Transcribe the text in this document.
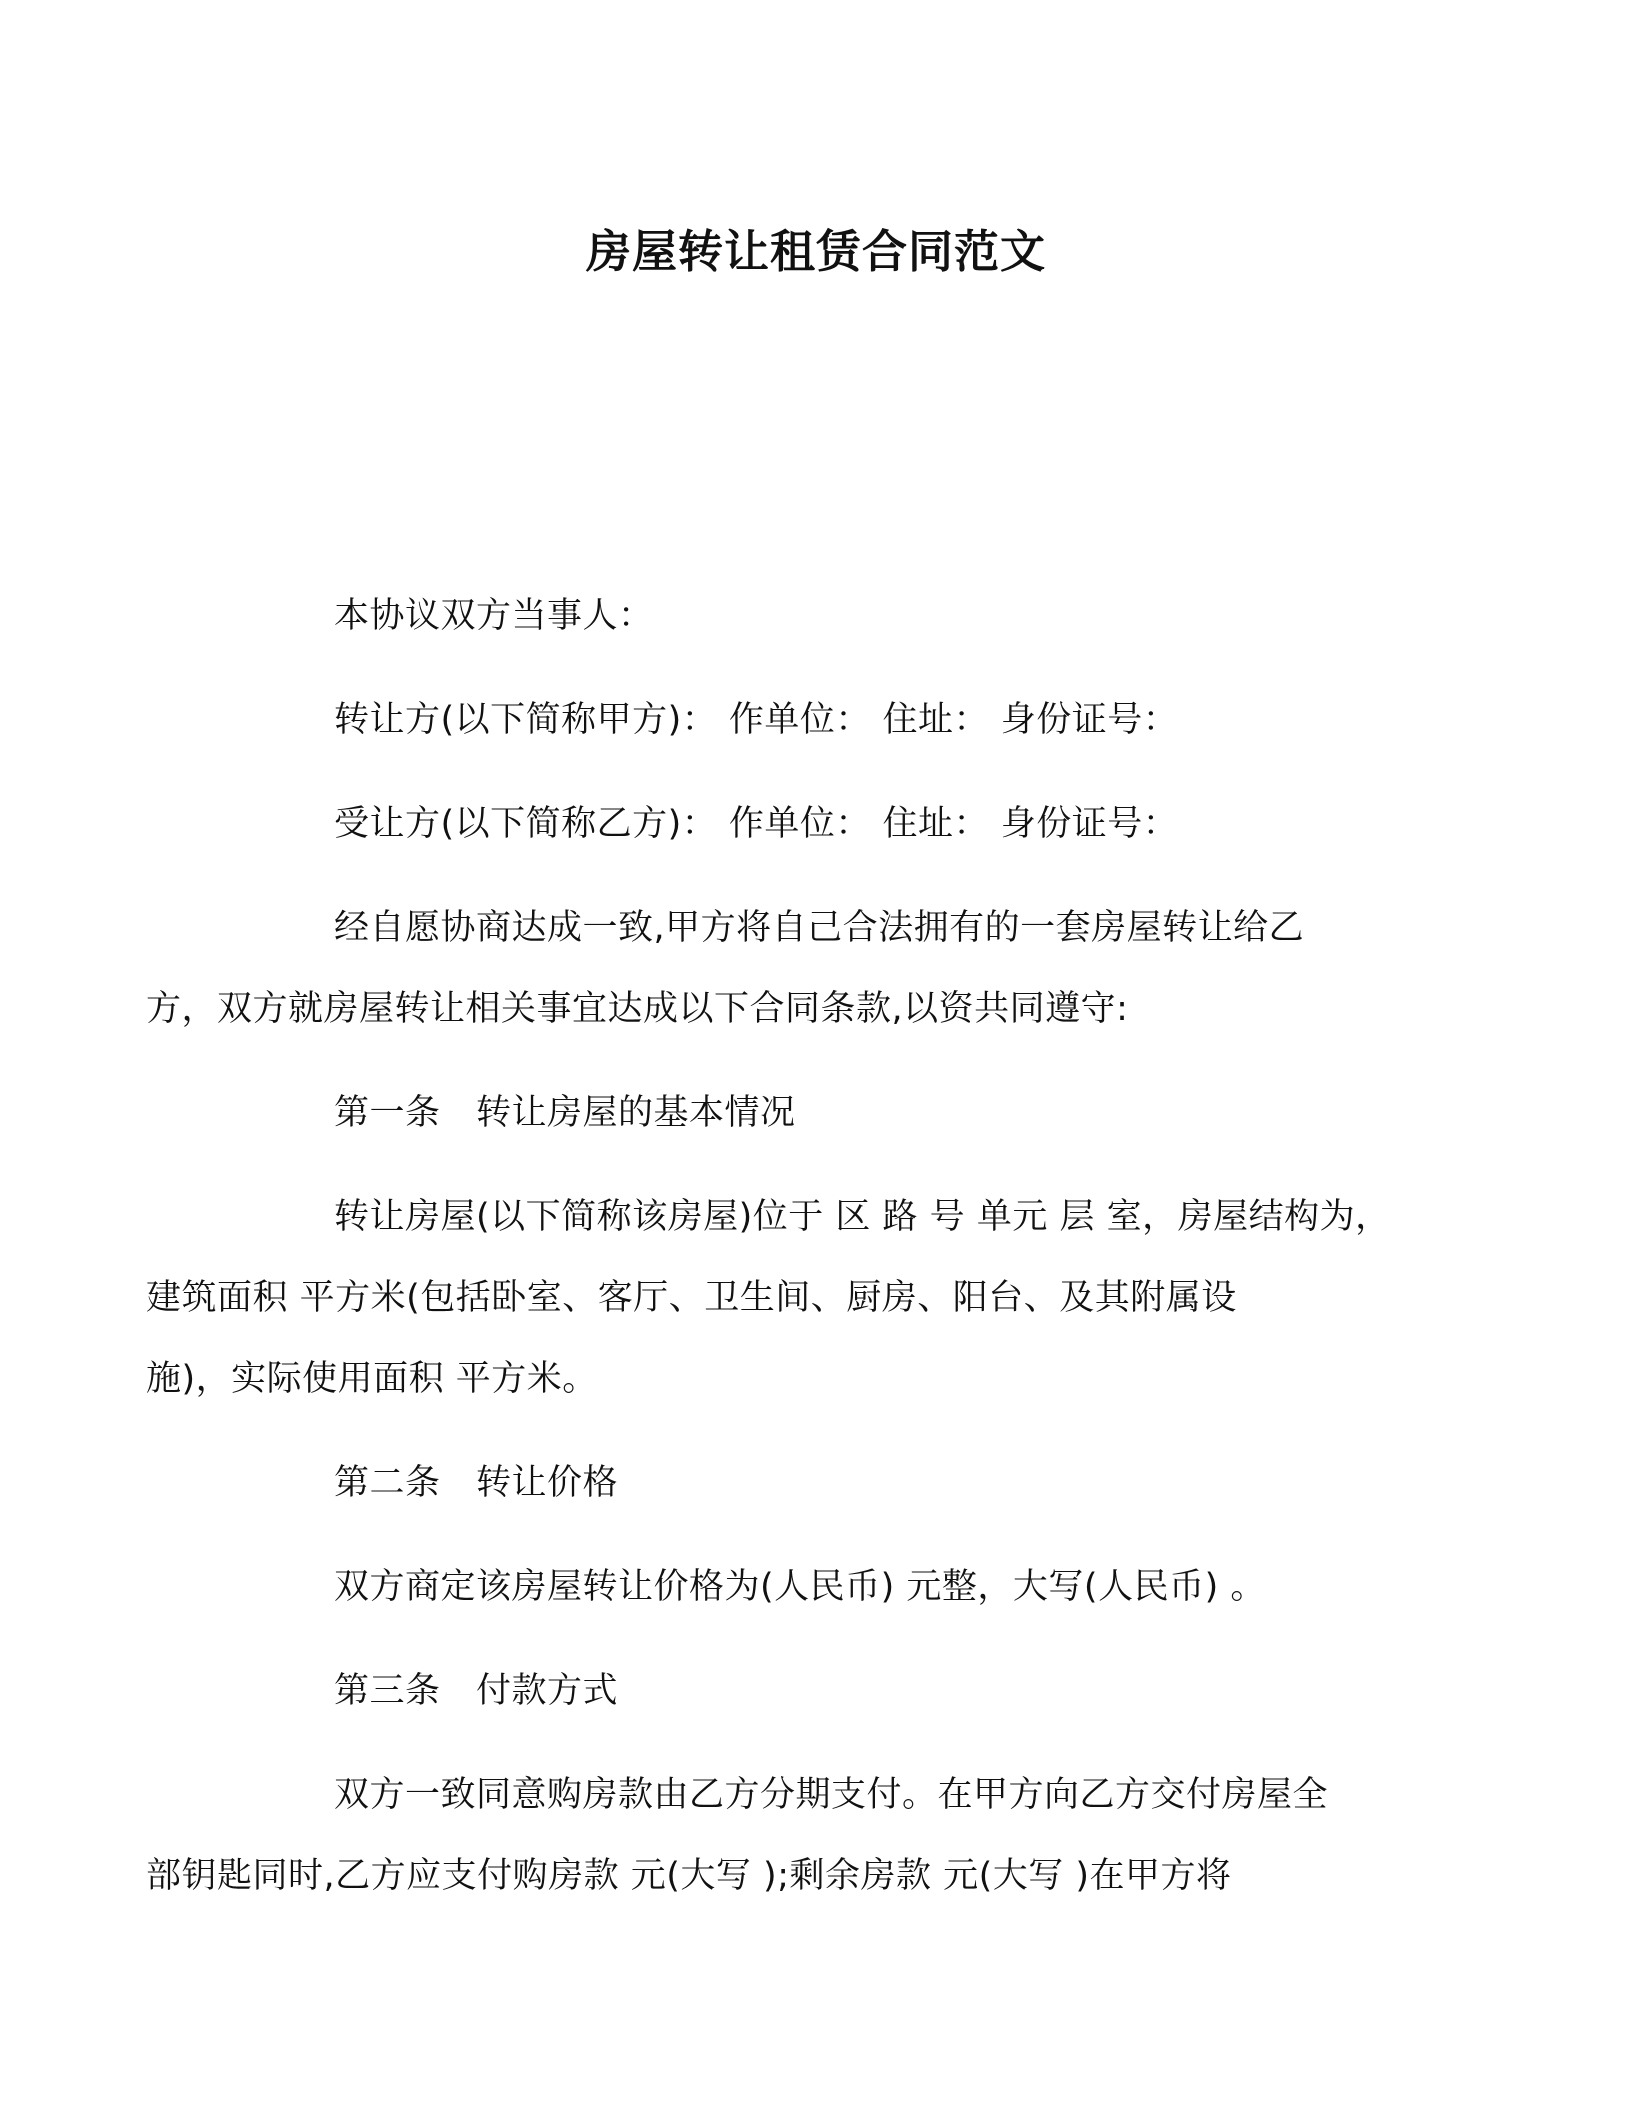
房屋转让租赁合同范文

本协议双方当事人：

转让方(以下简称甲方)： 作单位： 住址： 身份证号：

受让方(以下简称乙方)： 作单位： 住址： 身份证号：

经自愿协商达成一致,甲方将自己合法拥有的一套房屋转让给乙
方，双方就房屋转让相关事宜达成以下合同条款,以资共同遵守:

第一条　转让房屋的基本情况

转让房屋(以下简称该房屋)位于 区 路 号 单元 层 室，房屋结构为，
建筑面积 平方米(包括卧室、客厅、卫生间、厨房、阳台、及其附属设
施)，实际使用面积 平方米。

第二条　转让价格

双方商定该房屋转让价格为(人民币) 元整，大写(人民币) 。

第三条　付款方式

双方一致同意购房款由乙方分期支付。在甲方向乙方交付房屋全
部钥匙同时,乙方应支付购房款 元(大写 );剩余房款 元(大写 )在甲方将
